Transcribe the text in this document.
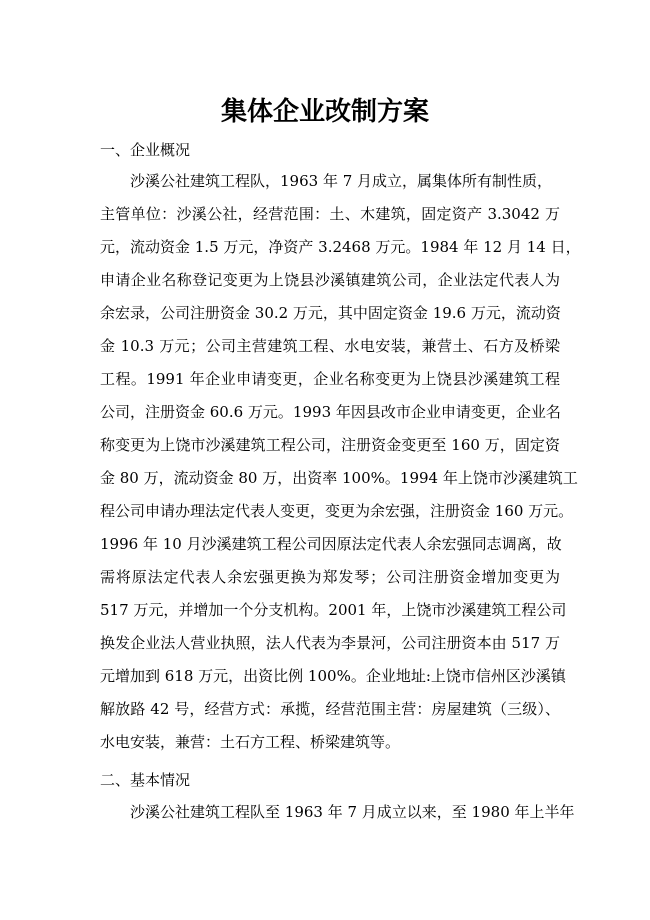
集体企业改制方案
一、企业概况
沙溪公社建筑工程队，1963 年 7 月成立，属集体所有制性质，
主管单位：沙溪公社，经营范围：土、木建筑，固定资产 3.3042 万
元，流动资金 1.5 万元，净资产 3.2468 万元。1984 年 12 月 14 日，
申请企业名称登记变更为上饶县沙溪镇建筑公司，企业法定代表人为
余宏录，公司注册资金 30.2 万元，其中固定资金 19.6 万元，流动资
金 10.3 万元；公司主营建筑工程、水电安装，兼营土、石方及桥梁
工程。1991 年企业申请变更，企业名称变更为上饶县沙溪建筑工程
公司，注册资金 60.6 万元。1993 年因县改市企业申请变更，企业名
称变更为上饶市沙溪建筑工程公司，注册资金变更至 160 万，固定资
金 80 万，流动资金 80 万，出资率 100%。1994 年上饶市沙溪建筑工
程公司申请办理法定代表人变更，变更为余宏强，注册资金 160 万元。
1996 年 10 月沙溪建筑工程公司因原法定代表人余宏强同志调离，故
需将原法定代表人余宏强更换为郑发琴；公司注册资金增加变更为
517 万元，并增加一个分支机构。2001 年，上饶市沙溪建筑工程公司
换发企业法人营业执照，法人代表为李景河，公司注册资本由 517 万
元增加到 618 万元，出资比例 100%。企业地址:上饶市信州区沙溪镇
解放路 42 号，经营方式：承揽，经营范围主营：房屋建筑（三级）、
水电安装，兼营：土石方工程、桥梁建筑等。
二、基本情况
沙溪公社建筑工程队至 1963 年 7 月成立以来，至 1980 年上半年
